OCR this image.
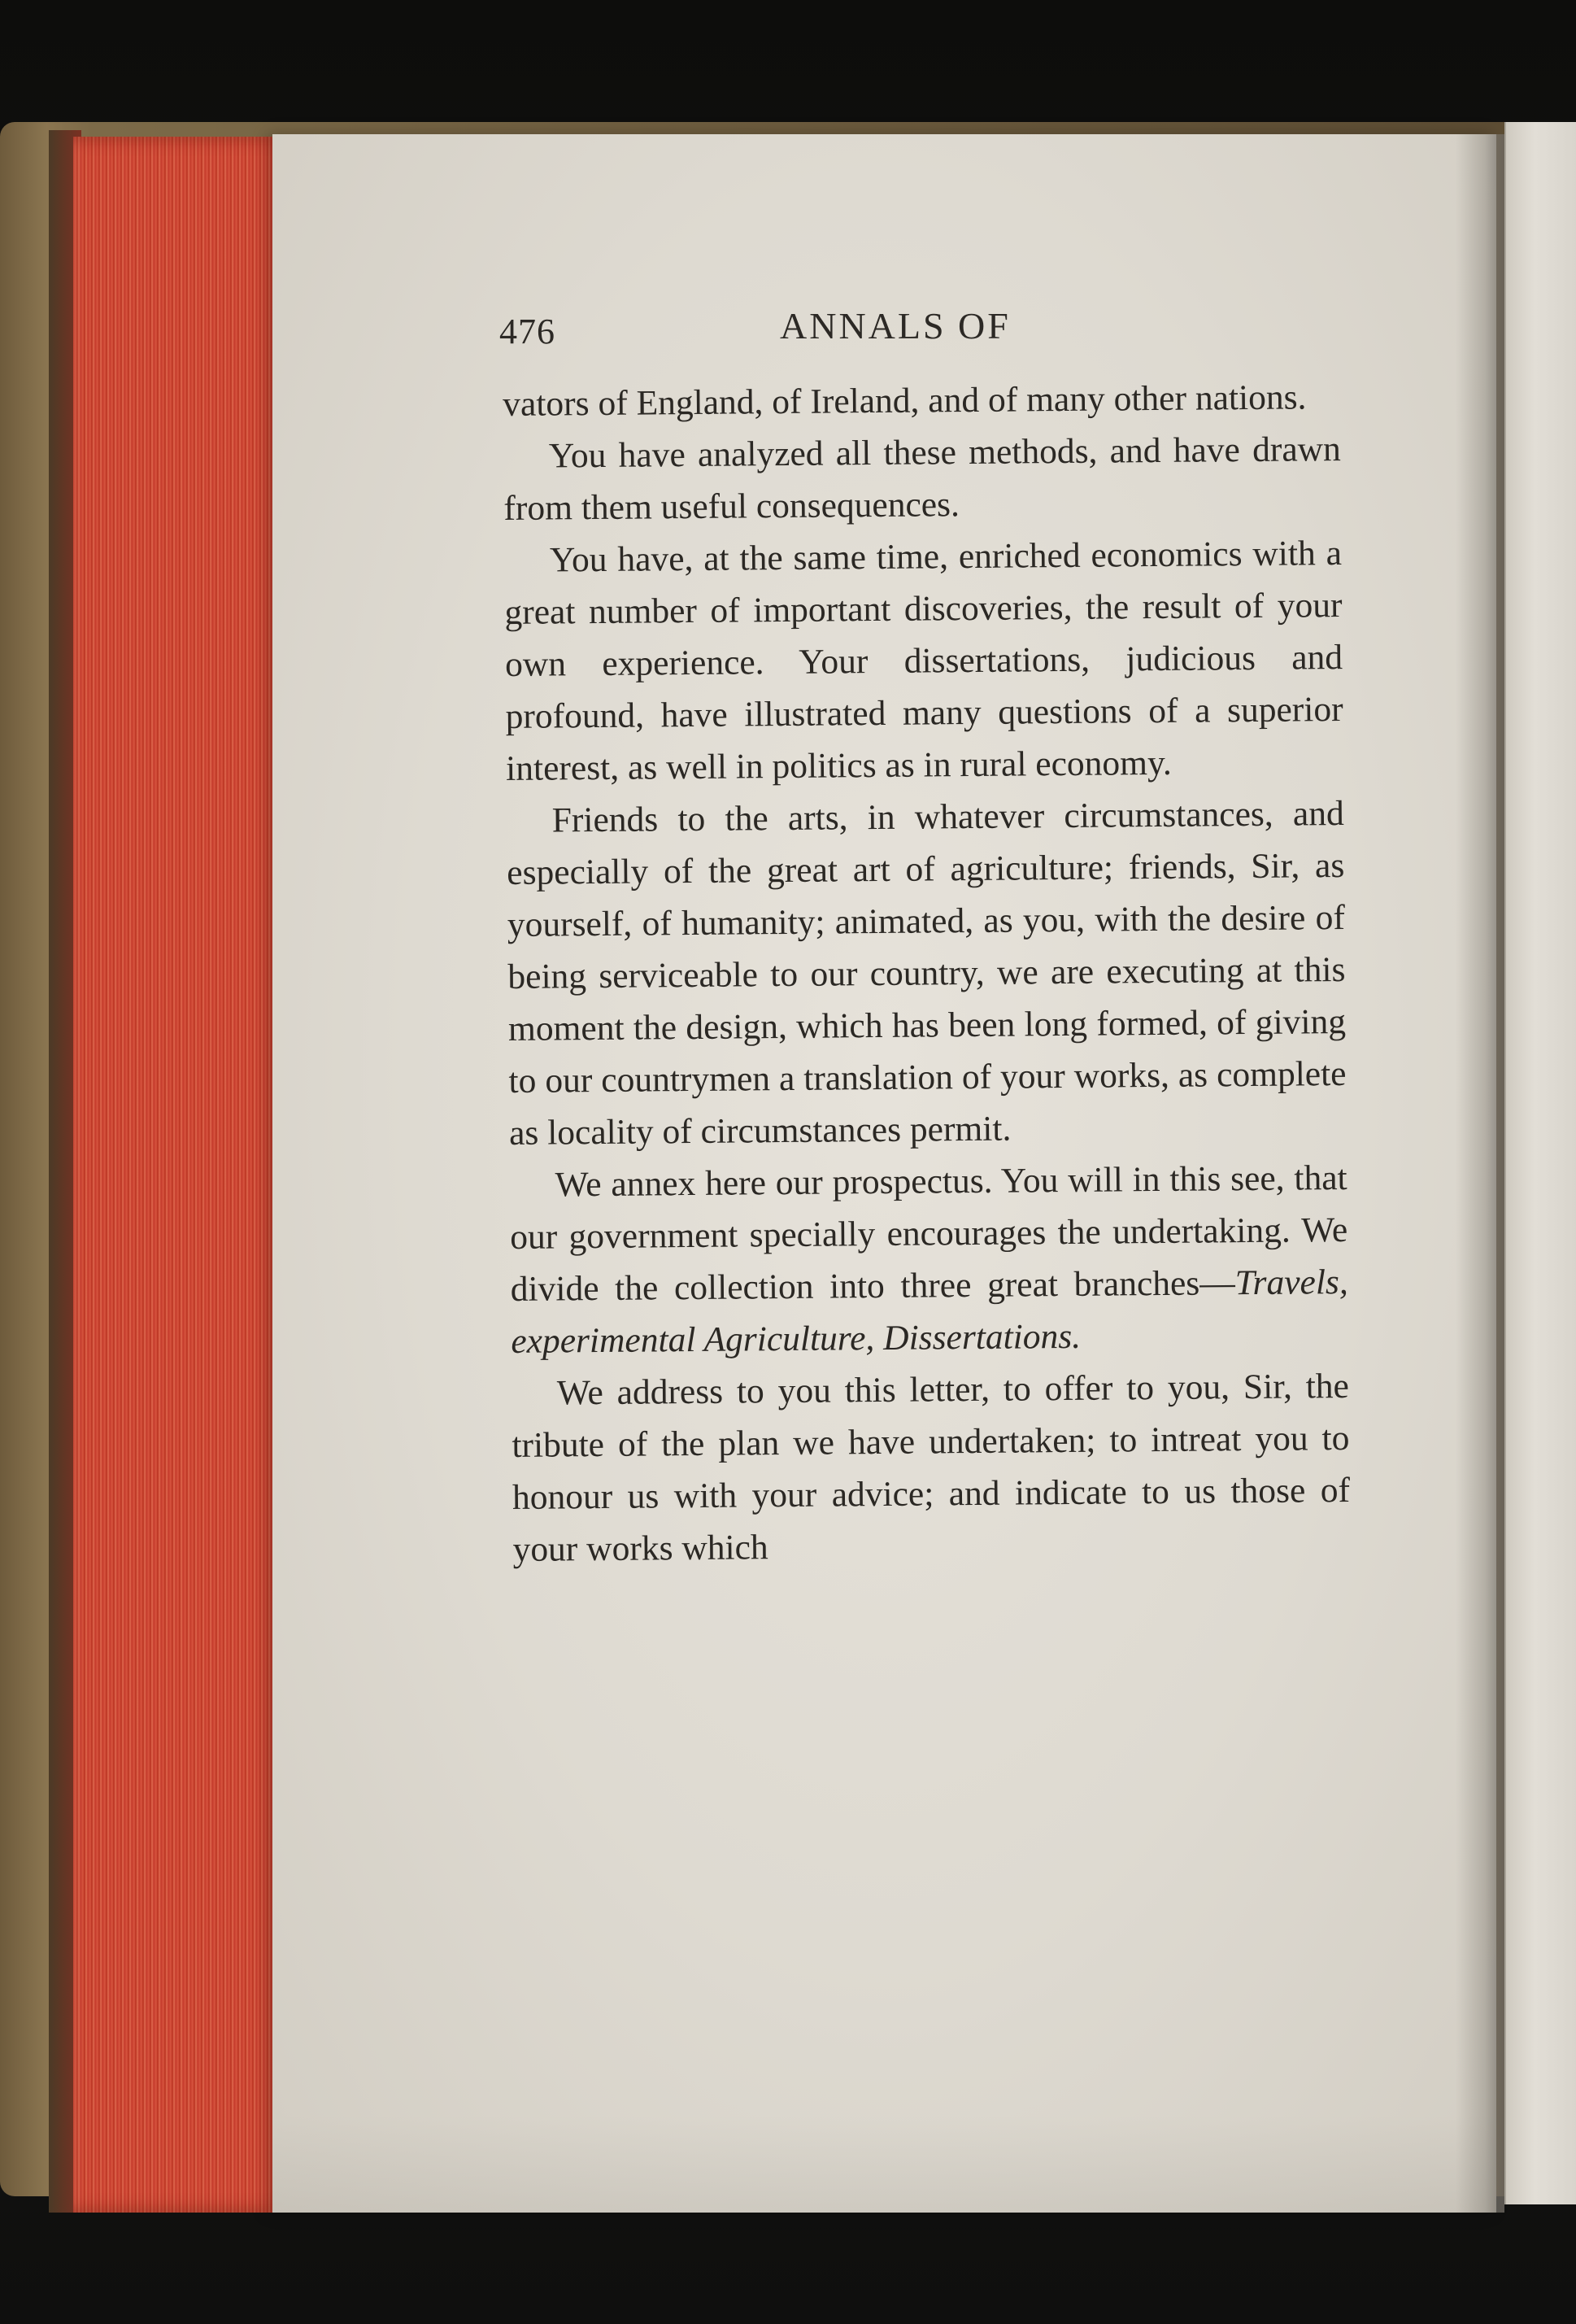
476	ANNALS OF

vators of England, of Ireland, and of many other nations.

You have analyzed all these methods, and have drawn from them useful consequences.

You have, at the same time, enriched economics with a great number of important discoveries, the result of your own experience. Your dissertations, judicious and profound, have illustrated many questions of a superior interest, as well in politics as in rural economy.

Friends to the arts, in whatever circumstances, and especially of the great art of agriculture; friends, Sir, as yourself, of humanity; animated, as you, with the desire of being serviceable to our country, we are executing at this moment the design, which has been long formed, of giving to our countrymen a translation of your works, as complete as locality of circumstances permit.

We annex here our prospectus. You will in this see, that our government specially encourages the undertaking. We divide the collection into three great branches—Travels, experimental Agriculture, Dissertations.

We address to you this letter, to offer to you, Sir, the tribute of the plan we have undertaken; to intreat you to honour us with your advice; and indicate to us those of your works which
